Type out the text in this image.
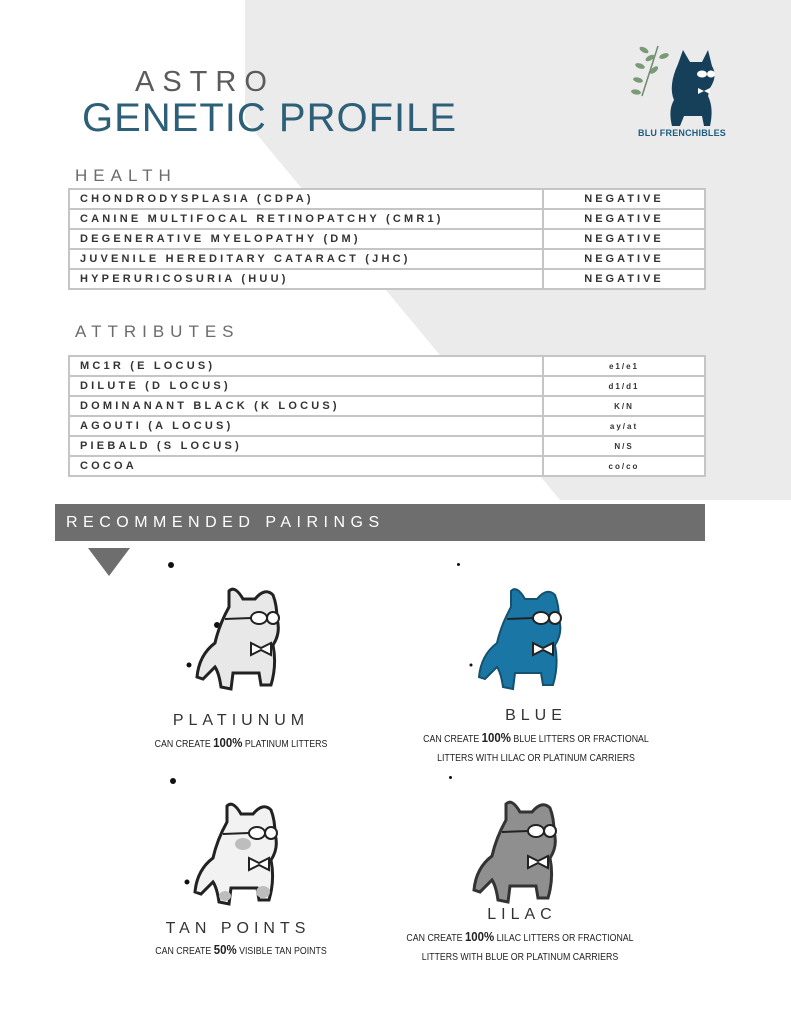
ASTRO
GENETIC PROFILE	BLU FRENCHIBLES
HEALTH
CHONDRODYSPLASIA (CDPA)	NEGATIVE
CANINE MULTIFOCAL RETINOPATCHY (CMR1)	NEGATIVE
DEGENERATIVE MYELOPATHY (DM)	NEGATIVE
JUVENILE HEREDITARY CATARACT (JHC)	NEGATIVE
HYPERURICOSURIA (HUU)	NEGATIVE
ATTRIBUTES
MC1R (E LOCUS)	e1/e1
DILUTE (D LOCUS)	d1/d1
DOMINANANT BLACK (K LOCUS)	K/N
AGOUTI (A LOCUS)	ay/at
PIEBALD (S LOCUS)	N/S
COCOA	co/co
RECOMMENDED PAIRINGS
PLATIUNUM
CAN CREATE 100% PLATINUM LITTERS
BLUE
CAN CREATE 100% BLUE LITTERS OR FRACTIONAL
LITTERS WITH LILAC OR PLATINUM CARRIERS
TAN POINTS
CAN CREATE 50% VISIBLE TAN POINTS
LILAC
CAN CREATE 100% LILAC LITTERS OR FRACTIONAL
LITTERS WITH BLUE OR PLATINUM CARRIERS
